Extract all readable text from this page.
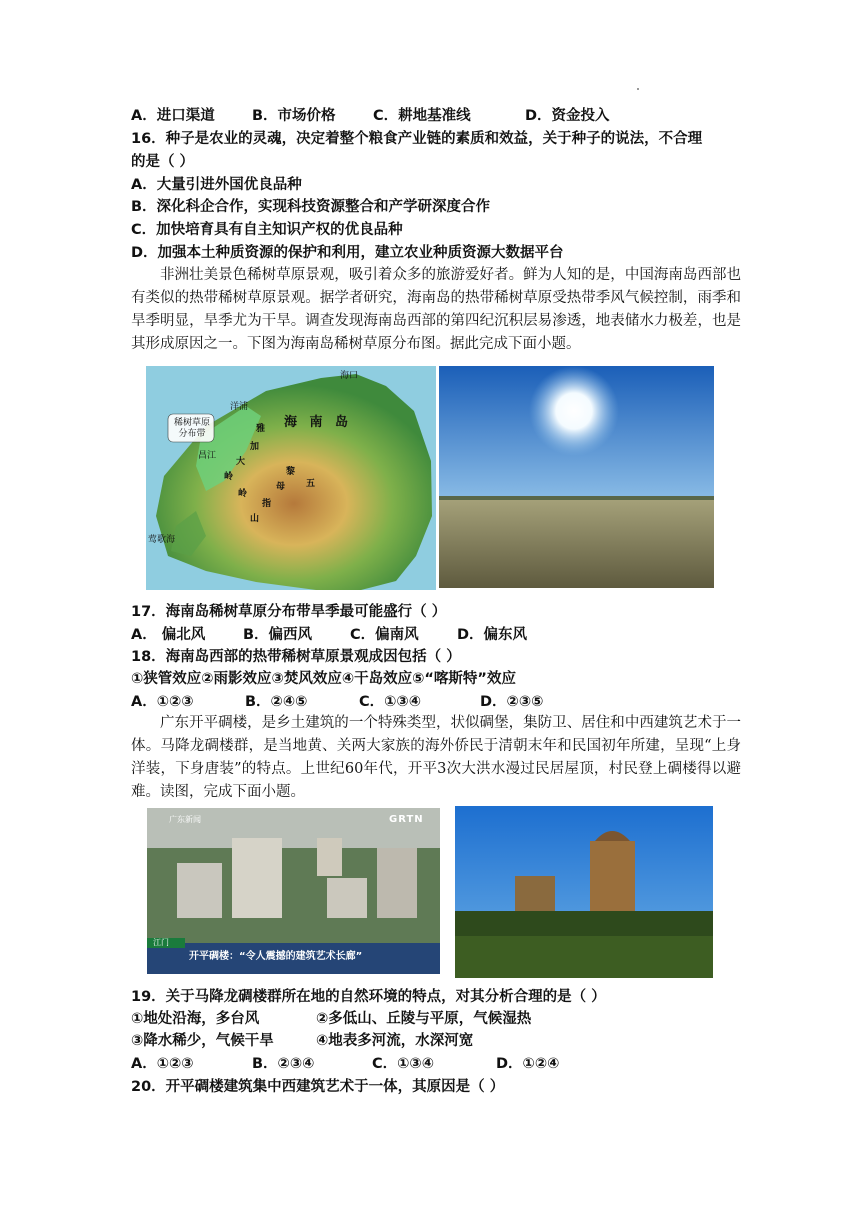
A．进口渠道	B．市场价格	C．耕地基准线	D．资金投入
16．种子是农业的灵魂，决定着整个粮食产业链的素质和效益，关于种子的说法，不合理
的是（ ）
A．大量引进外国优良品种
B．深化科企合作，实现科技资源整合和产学研深度合作
C．加快培育具有自主知识产权的优良品种
D．加强本土种质资源的保护和利用，建立农业种质资源大数据平台
非洲壮美景色稀树草原景观，吸引着众多的旅游爱好者。鲜为人知的是，中国海南岛西部也有类似的热带稀树草原景观。据学者研究，海南岛的热带稀树草原受热带季风气候控制，雨季和旱季明显，旱季尤为干旱。调查发现海南岛西部的第四纪沉积层易渗透，地表储水力极差，也是其形成原因之一。下图为海南岛稀树草原分布图。据此完成下面小题。
海口
洋浦
海 南 岛
稀树草原
分布带
昌江
莺歌海
雅
加
大
岭	黎
母 五
指
山
岭
17．海南岛稀树草原分布带旱季最可能盛行（ ）
A． 偏北风	B．偏西风	C．偏南风	D．偏东风
18．海南岛西部的热带稀树草原景观成因包括（ ）
①狭管效应②雨影效应③焚风效应④干岛效应⑤“喀斯特”效应
A．①②③	B．②④⑤	C．①③④	D．②③⑤
广东开平碉楼，是乡土建筑的一个特殊类型，状似碉堡，集防卫、居住和中西建筑艺术于一体。马降龙碉楼群，是当地黄、关两大家族的海外侨民于清朝末年和民国初年所建，呈现“上身洋装，下身唐装”的特点。上世纪60年代，开平3次大洪水漫过民居屋顶，村民登上碉楼得以避难。读图，完成下面小题。
广东新闻	GRTN
江门
开平碉楼：“令人震撼的建筑艺术长廊”
19．关于马降龙碉楼群所在地的自然环境的特点，对其分析合理的是（ ）
①地处沿海，多台风	②多低山、丘陵与平原，气候湿热
③降水稀少，气候干旱	④地表多河流，水深河宽
A．①②③	B．②③④	C．①③④	D．①②④
20．开平碉楼建筑集中西建筑艺术于一体，其原因是（ ）
